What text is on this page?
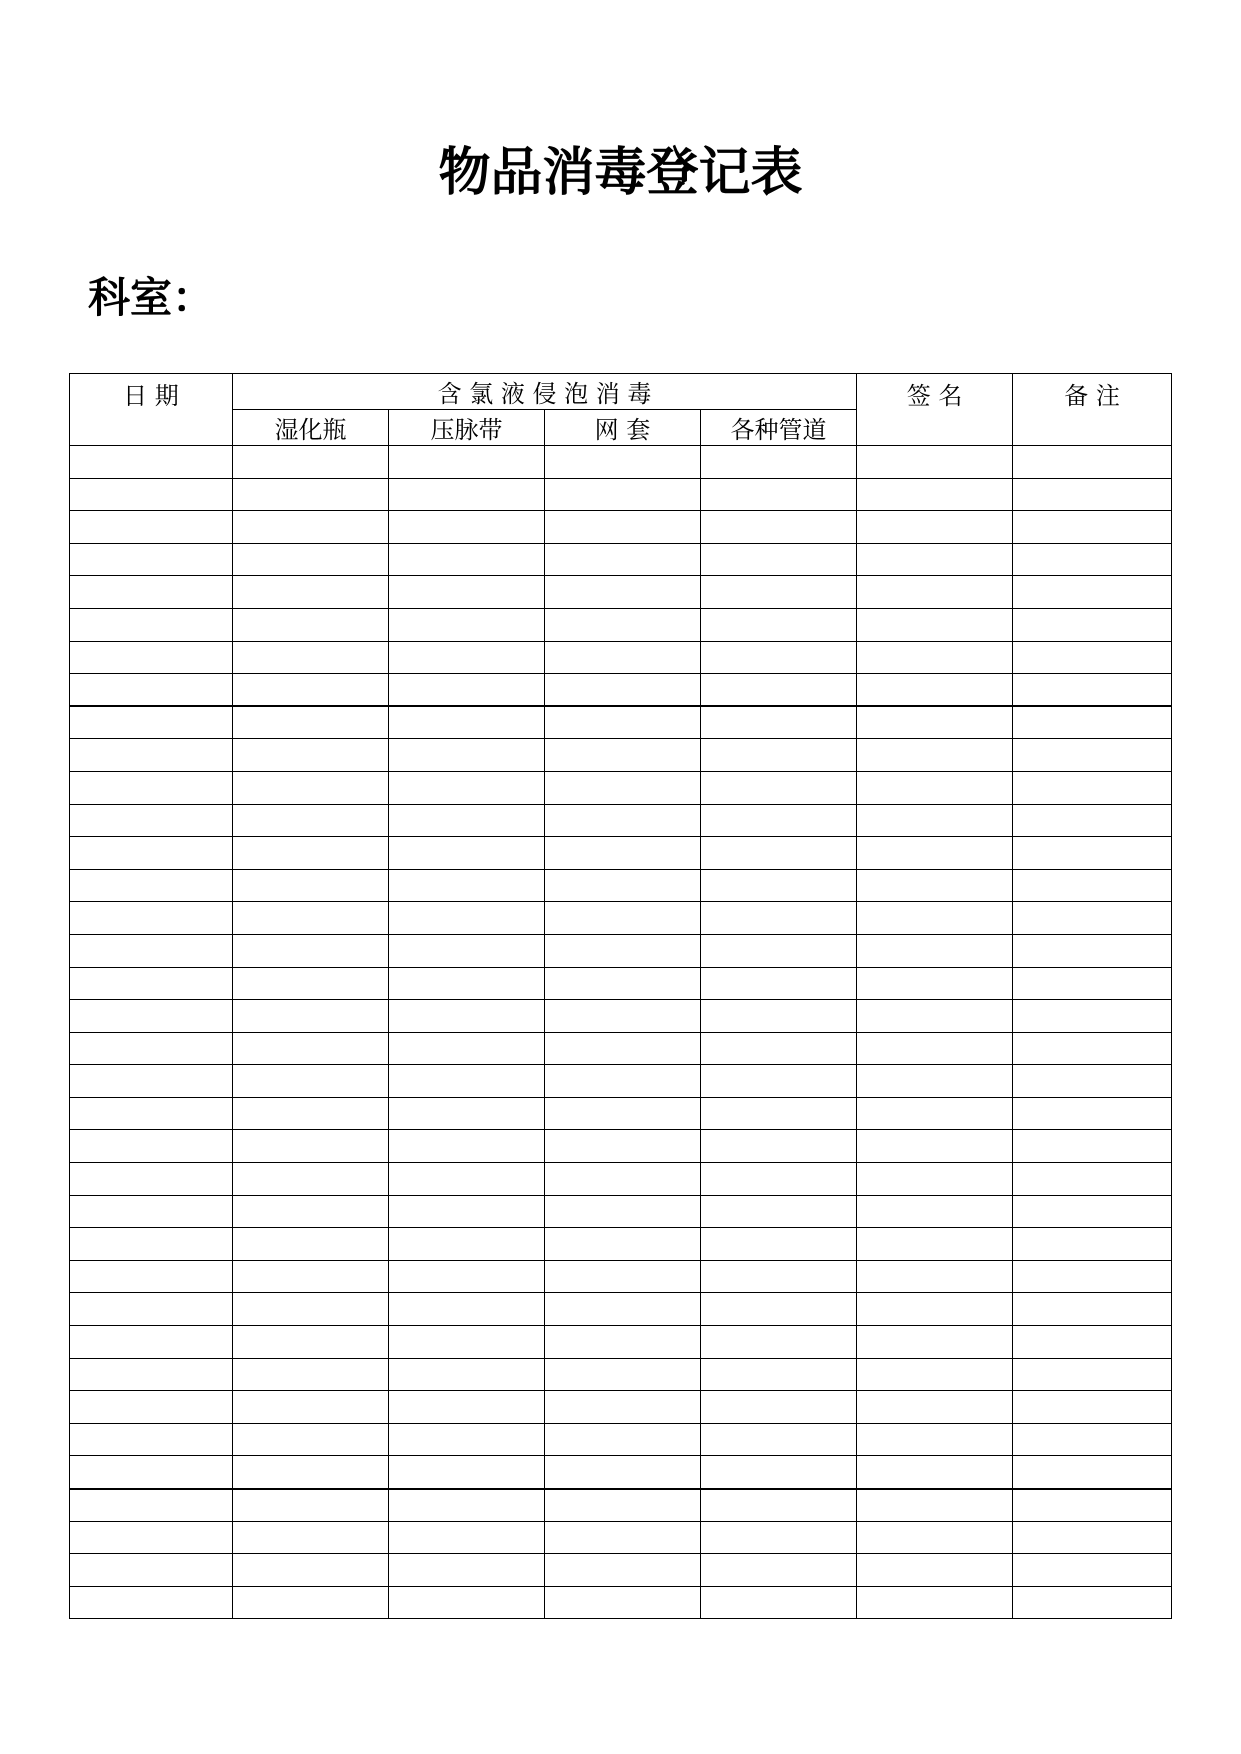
物品消毒登记表
科室：
日 期	含 氯 液 侵 泡 消 毒				签 名	备 注
	湿化瓶	压脉带	网 套	各种管道		
